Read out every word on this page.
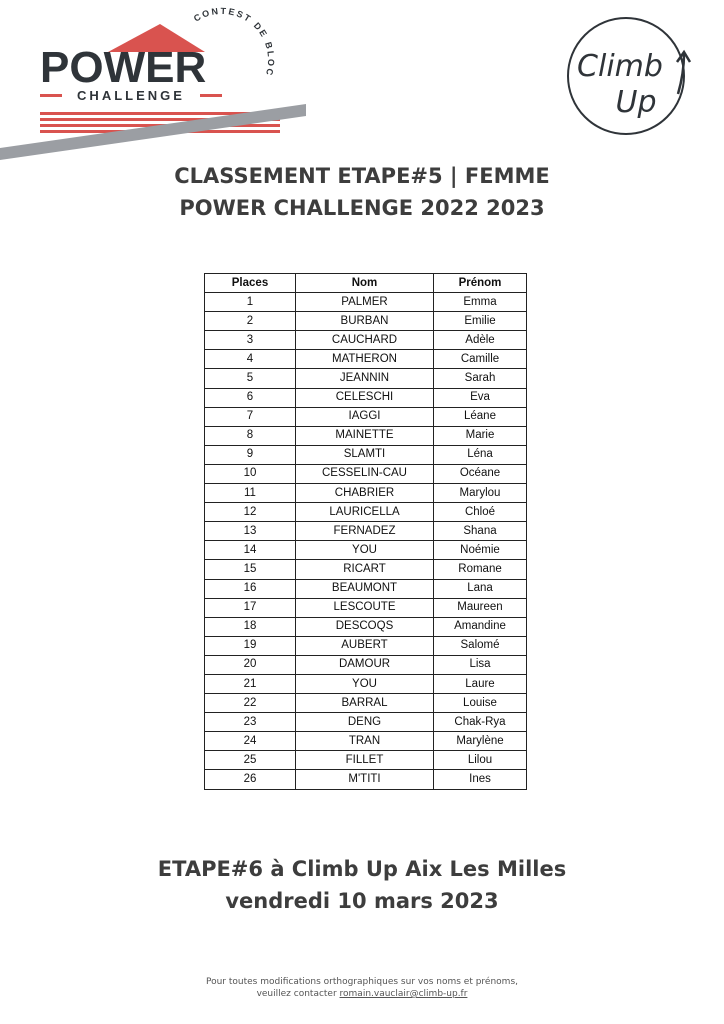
POWER
CHALLENGE
CONTEST DE BLOC	Climb
Up
CLASSEMENT ETAPE#5 | FEMME
POWER CHALLENGE 2022 2023
Places	Nom	Prénom
1	PALMER	Emma
2	BURBAN	Emilie
3	CAUCHARD	Adèle
4	MATHERON	Camille
5	JEANNIN	Sarah
6	CELESCHI	Eva
7	IAGGI	Léane
8	MAINETTE	Marie
9	SLAMTI	Léna
10	CESSELIN-CAU	Océane
11	CHABRIER	Marylou
12	LAURICELLA	Chloé
13	FERNADEZ	Shana
14	YOU	Noémie
15	RICART	Romane
16	BEAUMONT	Lana
17	LESCOUTE	Maureen
18	DESCOQS	Amandine
19	AUBERT	Salomé
20	DAMOUR	Lisa
21	YOU	Laure
22	BARRAL	Louise
23	DENG	Chak-Rya
24	TRAN	Marylène
25	FILLET	Lilou
26	M'TITI	Ines
ETAPE#6 à Climb Up Aix Les Milles
vendredi 10 mars 2023
Pour toutes modifications orthographiques sur vos noms et prénoms,
veuillez contacter romain.vauclair@climb-up.fr
